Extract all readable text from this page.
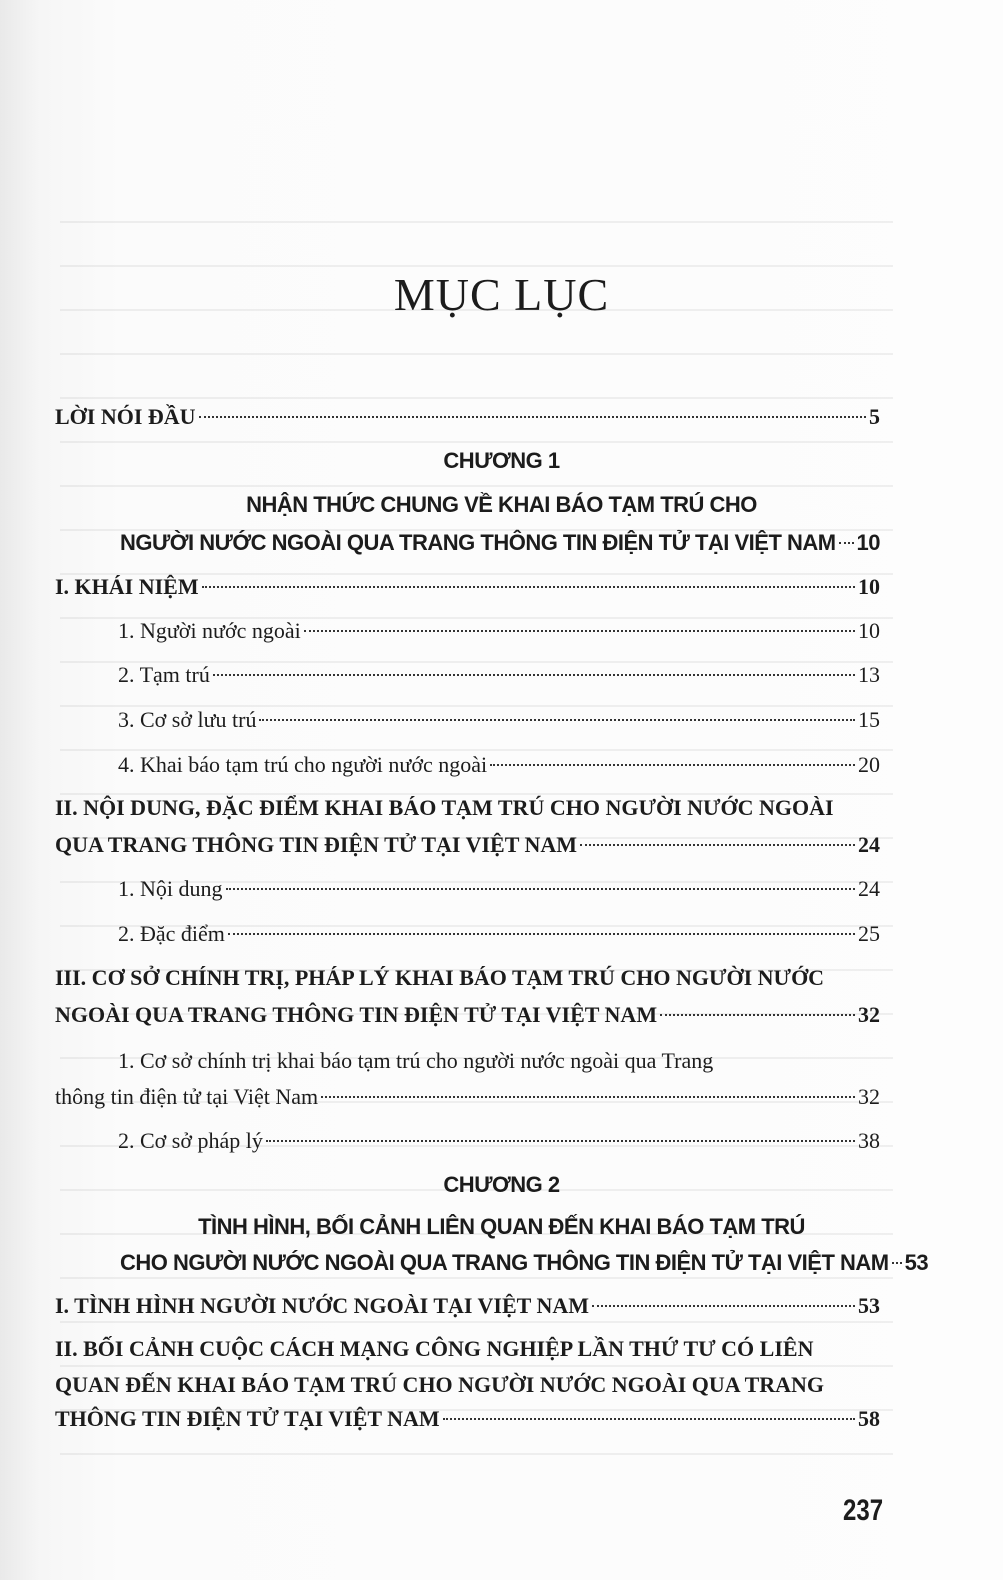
MỤC LỤC
LỜI NÓI ĐẦU	5
CHƯƠNG 1
NHẬN THỨC CHUNG VỀ KHAI BÁO TẠM TRÚ CHO
NGƯỜI NƯỚC NGOÀI QUA TRANG THÔNG TIN ĐIỆN TỬ TẠI VIỆT NAM 10
I. KHÁI NIỆM	10
1. Người nước ngoài	10
2. Tạm trú	13
3. Cơ sở lưu trú	15
4. Khai báo tạm trú cho người nước ngoài	20
II. NỘI DUNG, ĐẶC ĐIỂM KHAI BÁO TẠM TRÚ CHO NGƯỜI NƯỚC NGOÀI
QUA TRANG THÔNG TIN ĐIỆN TỬ TẠI VIỆT NAM	24
1. Nội dung	24
2. Đặc điểm	25
III. CƠ SỞ CHÍNH TRỊ, PHÁP LÝ KHAI BÁO TẠM TRÚ CHO NGƯỜI NƯỚC
NGOÀI QUA TRANG THÔNG TIN ĐIỆN TỬ TẠI VIỆT NAM	32
1. Cơ sở chính trị khai báo tạm trú cho người nước ngoài qua Trang
thông tin điện tử tại Việt Nam	32
2. Cơ sở pháp lý	38
CHƯƠNG 2
TÌNH HÌNH, BỐI CẢNH LIÊN QUAN ĐẾN KHAI BÁO TẠM TRÚ
CHO NGƯỜI NƯỚC NGOÀI QUA TRANG THÔNG TIN ĐIỆN TỬ TẠI VIỆT NAM 53
I. TÌNH HÌNH NGƯỜI NƯỚC NGOÀI TẠI VIỆT NAM	53
II. BỐI CẢNH CUỘC CÁCH MẠNG CÔNG NGHIỆP LẦN THỨ TƯ CÓ LIÊN
QUAN ĐẾN KHAI BÁO TẠM TRÚ CHO NGƯỜI NƯỚC NGOÀI QUA TRANG
THÔNG TIN ĐIỆN TỬ TẠI VIỆT NAM	58
237
